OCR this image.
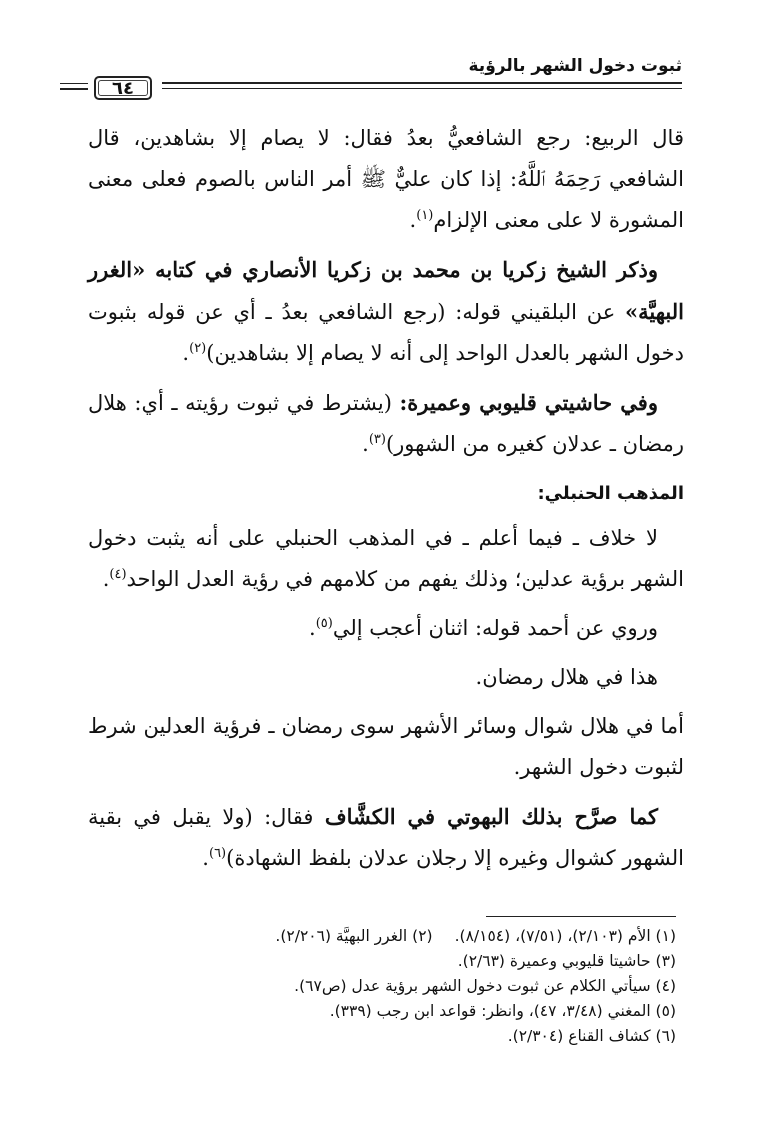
ثبوت دخول الشهر بالرؤية
٦٤

قال الربيع: رجع الشافعيُّ بعدُ فقال: لا يصام إلا بشاهدين، قال الشافعي رَحِمَهُ ٱللَّهُ: إذا كان عليٌّ ﷺ أمر الناس بالصوم فعلى معنى المشورة لا على معنى الإلزام$^{(١)}$.

وذكر الشيخ زكريا بن محمد بن زكريا الأنصاري في كتابه «الغرر البهيَّة» عن البلقيني قوله: (رجع الشافعي بعدُ ـ أي عن قوله بثبوت دخول الشهر بالعدل الواحد إلى أنه لا يصام إلا بشاهدين)$^{(٢)}$.

وفي حاشيتي قليوبي وعميرة: (يشترط في ثبوت رؤيته ـ أي: هلال رمضان ـ عدلان كغيره من الشهور)$^{(٣)}$.

المذهب الحنبلي:

لا خلاف ـ فيما أعلم ـ في المذهب الحنبلي على أنه يثبت دخول الشهر برؤية عدلين؛ وذلك يفهم من كلامهم في رؤية العدل الواحد$^{(٤)}$.

وروي عن أحمد قوله: اثنان أعجب إلي$^{(٥)}$.

هذا في هلال رمضان.

أما في هلال شوال وسائر الأشهر سوى رمضان ـ فرؤية العدلين شرط لثبوت دخول الشهر.

كما صرَّح بذلك البهوتي في الكشَّاف فقال: (ولا يقبل في بقية الشهور كشوال وغيره إلا رجلان عدلان بلفظ الشهادة)$^{(٦)}$.

(١) الأم (٢/١٠٣)، (٧/٥١)، (٨/١٥٤).(٢) الغرر البهيَّة (٢/٢٠٦).
(٣) حاشيتا قليوبي وعميرة (٢/٦٣).
(٤) سيأتي الكلام عن ثبوت دخول الشهر برؤية عدل (ص٦٧).
(٥) المغني (٣/٤٨، ٤٧)، وانظر: قواعد ابن رجب (٣٣٩).
(٦) كشاف القناع (٢/٣٠٤).
